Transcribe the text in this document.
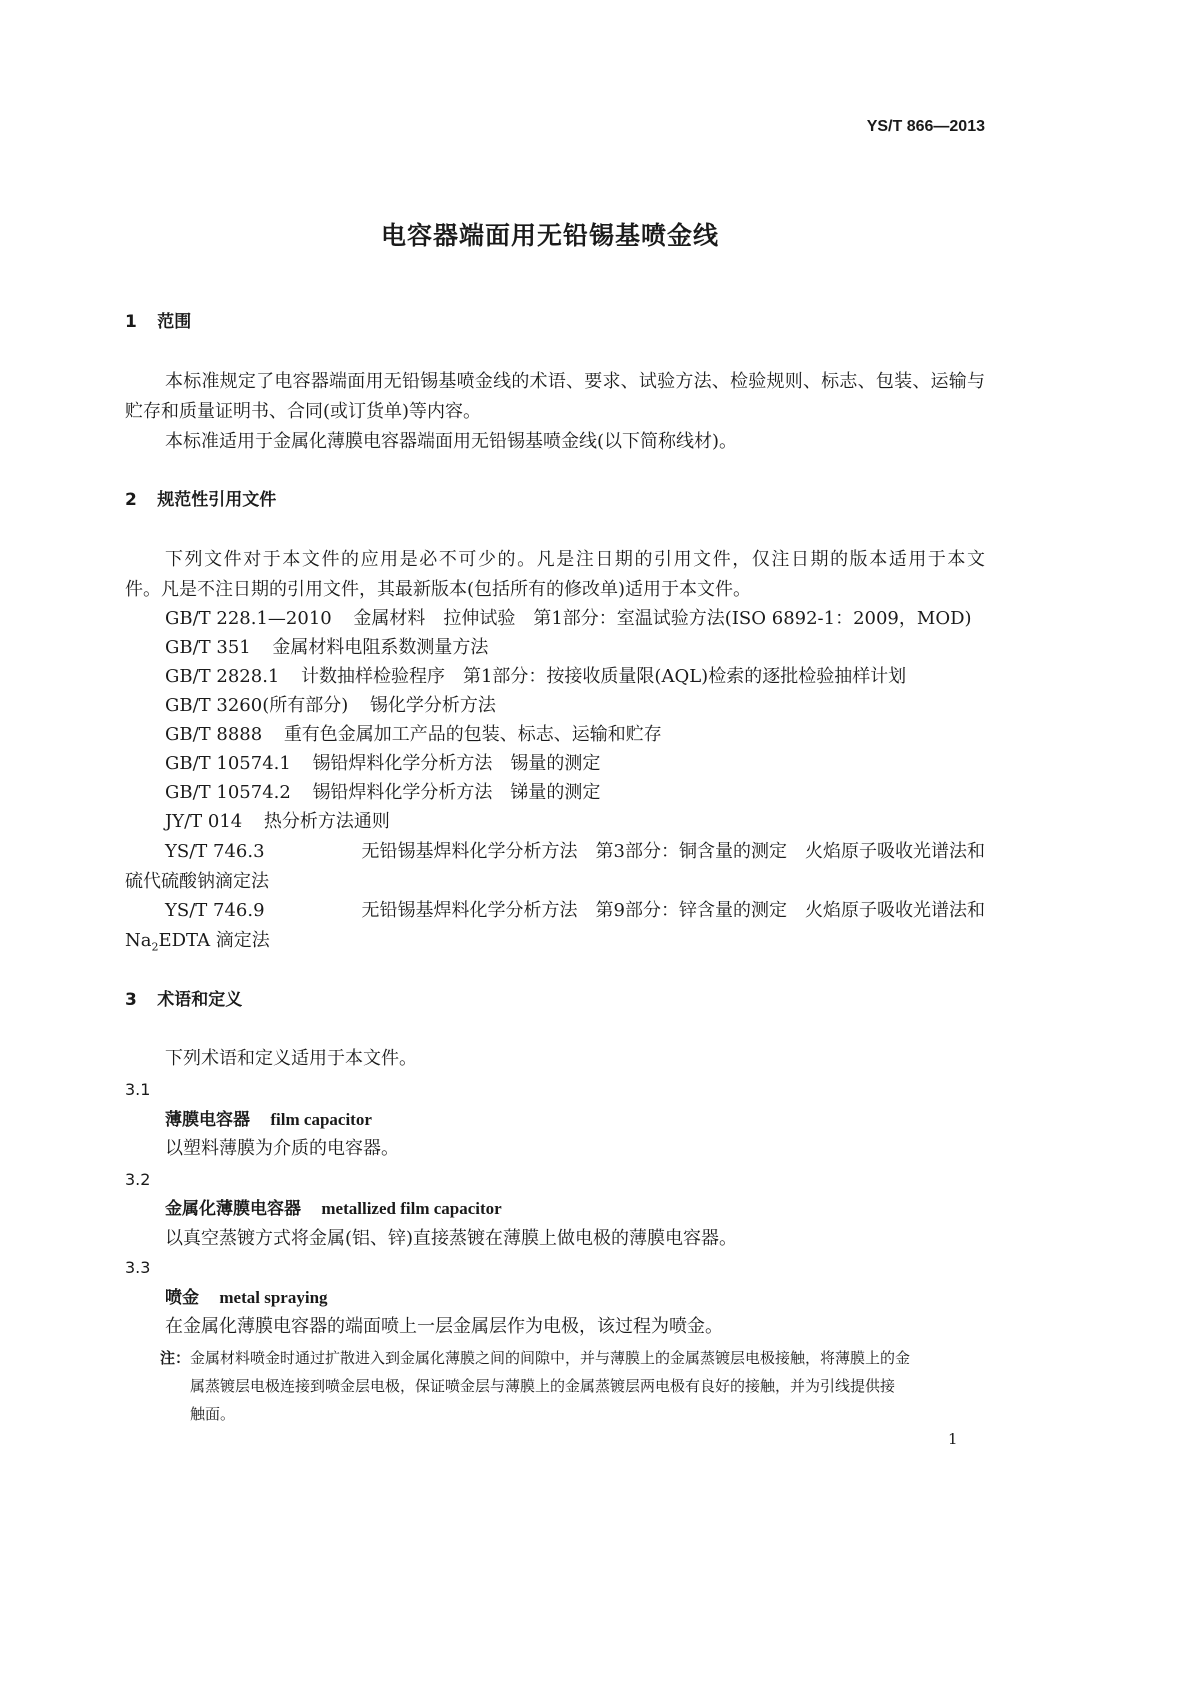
YS/T 866—2013
电容器端面用无铅锡基喷金线
1 范围
本标准规定了电容器端面用无铅锡基喷金线的术语、要求、试验方法、检验规则、标志、包装、运输与
贮存和质量证明书、合同(或订货单)等内容。
本标准适用于金属化薄膜电容器端面用无铅锡基喷金线(以下简称线材)。
2 规范性引用文件
下列文件对于本文件的应用是必不可少的。凡是注日期的引用文件，仅注日期的版本适用于本文
件。凡是不注日期的引用文件，其最新版本(包括所有的修改单)适用于本文件。
GB/T 228.1—2010 金属材料　拉伸试验　第1部分：室温试验方法(ISO 6892-1：2009，MOD)
GB/T 351 金属材料电阻系数测量方法
GB/T 2828.1 计数抽样检验程序　第1部分：按接收质量限(AQL)检索的逐批检验抽样计划
GB/T 3260(所有部分) 锡化学分析方法
GB/T 8888 重有色金属加工产品的包装、标志、运输和贮存
GB/T 10574.1 锡铅焊料化学分析方法　锡量的测定
GB/T 10574.2 锡铅焊料化学分析方法　锑量的测定
JY/T 014 热分析方法通则
YS/T 746.3	无铅锡基焊料化学分析方法　第3部分：铜含量的测定　火焰原子吸收光谱法和
硫代硫酸钠滴定法
YS/T 746.9	无铅锡基焊料化学分析方法　第9部分：锌含量的测定　火焰原子吸收光谱法和
$Na_2EDTA$ 滴定法
3 术语和定义
下列术语和定义适用于本文件。
3.1
薄膜电容器 film capacitor
以塑料薄膜为介质的电容器。
3.2
金属化薄膜电容器 metallized film capacitor
以真空蒸镀方式将金属(铝、锌)直接蒸镀在薄膜上做电极的薄膜电容器。
3.3
喷金 metal spraying
在金属化薄膜电容器的端面喷上一层金属层作为电极，该过程为喷金。
注：金属材料喷金时通过扩散进入到金属化薄膜之间的间隙中，并与薄膜上的金属蒸镀层电极接触，将薄膜上的金
属蒸镀层电极连接到喷金层电极，保证喷金层与薄膜上的金属蒸镀层两电极有良好的接触，并为引线提供接
触面。
1
